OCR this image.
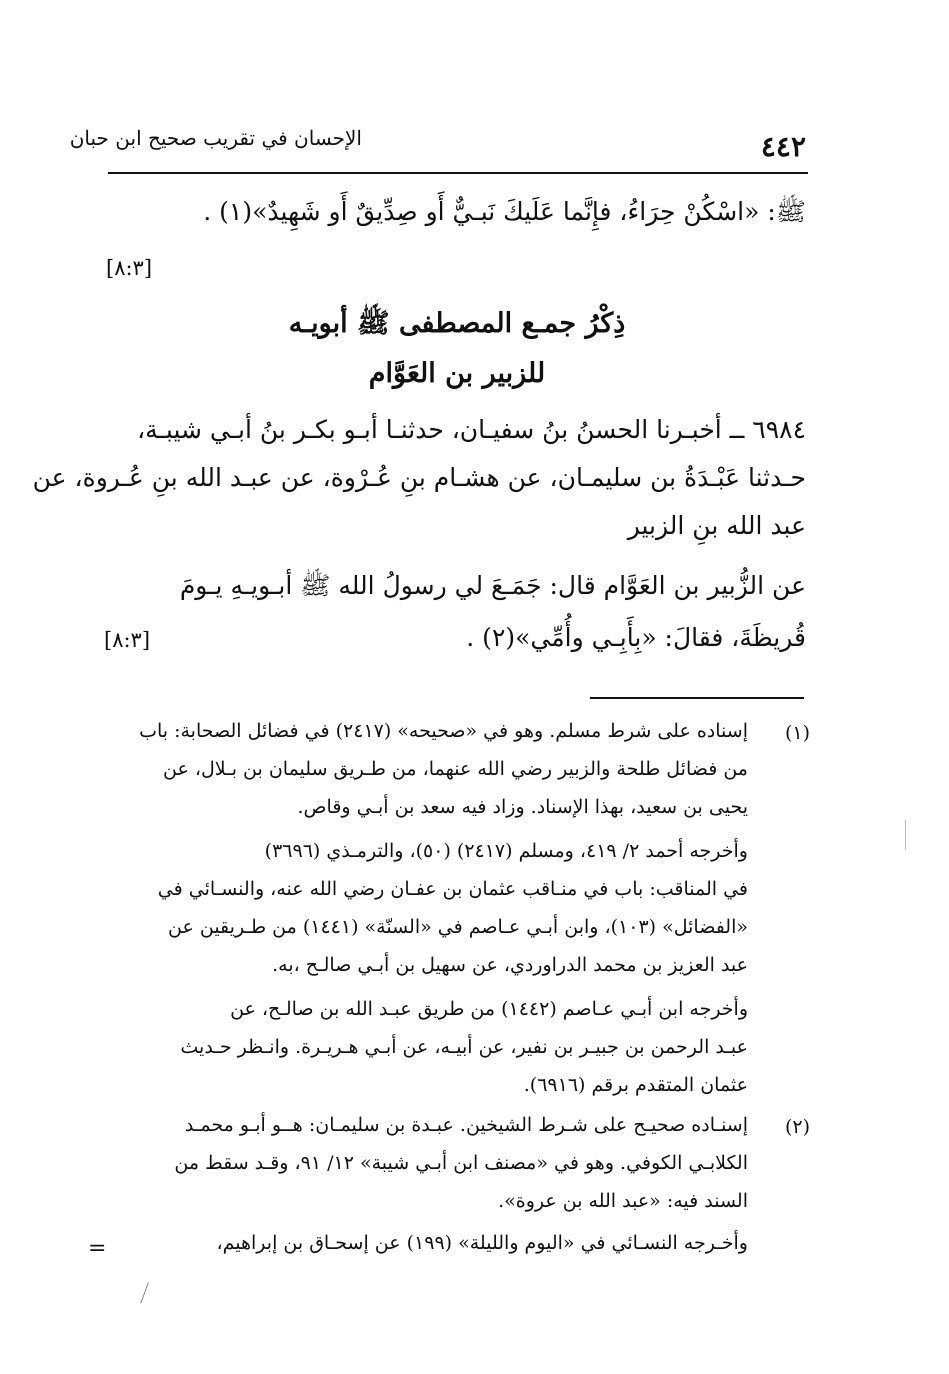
٤٤٢
الإحسان في تقريب صحيح ابن حبان
ﷺ: «اسْكُنْ حِرَاءُ، فإِنَّما عَلَيكَ نَبـيٌّ أَو صِدِّيقٌ أَو شَهِيدٌ»(١) .
[٨:٣]
ذِكْرُ جمـع المصطفى ﷺ أبويـه
للزبير بن العَوَّام
٦٩٨٤ ــ أخبـرنا الحسنُ بنُ سفيـان، حدثنـا أبـو بكـر بنُ أبـي شيبـة،
حـدثنا عَبْـدَةُ بن سليمـان، عن هشـام بنِ عُـرْوة، عن عبـد الله بنِ عُـروة، عن
عبد الله بنِ الزبير
عن الزُّبير بن العَوَّام قال: جَمَـعَ لي رسولُ الله ﷺ أبـويـهِ يـومَ
قُريظَةَ، فقالَ: «بِأَبِـي وأُمِّي»(٢) .
[٨:٣]
(١)
إسناده على شرط مسلم. وهو في «صحيحه» (٢٤١٧) في فضائل الصحابة: باب
من فضائل طلحة والزبير رضي الله عنهما، من طـريق سليمان بن بـلال، عن
يحيى بن سعيد، بهذا الإسناد. وزاد فيه سعد بن أبـي وقاص.
وأخرجه أحمد ٢/ ٤١٩، ومسلم (٢٤١٧) (٥٠)، والترمـذي (٣٦٩٦)
في المناقب: باب في منـاقب عثمان بن عفـان رضي الله عنه، والنسـائي في
«الفضائل» (١٠٣)، وابن أبـي عـاصم في «السنّة» (١٤٤١) من طـريقين عن
عبد العزيز بن محمد الدراوردي، عن سهيل بن أبـي صالـح ،به.
وأخرجه ابن أبـي عـاصم (١٤٤٢) من طريق عبـد الله بن صالـح، عن
عبـد الرحمن بن جبيـر بن نفير، عن أبيـه، عن أبـي هـريـرة. وانـظر حـديث
عثمان المتقدم برقم (٦٩١٦).
(٢)
إسنـاده صحيـح على شـرط الشيخين. عبـدة بن سليمـان: هــو أبـو محمـد
الكلابـي الكوفي. وهو في «مصنف ابن أبـي شيبة» ١٢/ ٩١، وقـد سقط من
السند فيه: «عبد الله بن عروة».
وأخـرجه النسـائي في «اليوم والليلة» (١٩٩) عن إسحـاق بن إبراهيم،
=
